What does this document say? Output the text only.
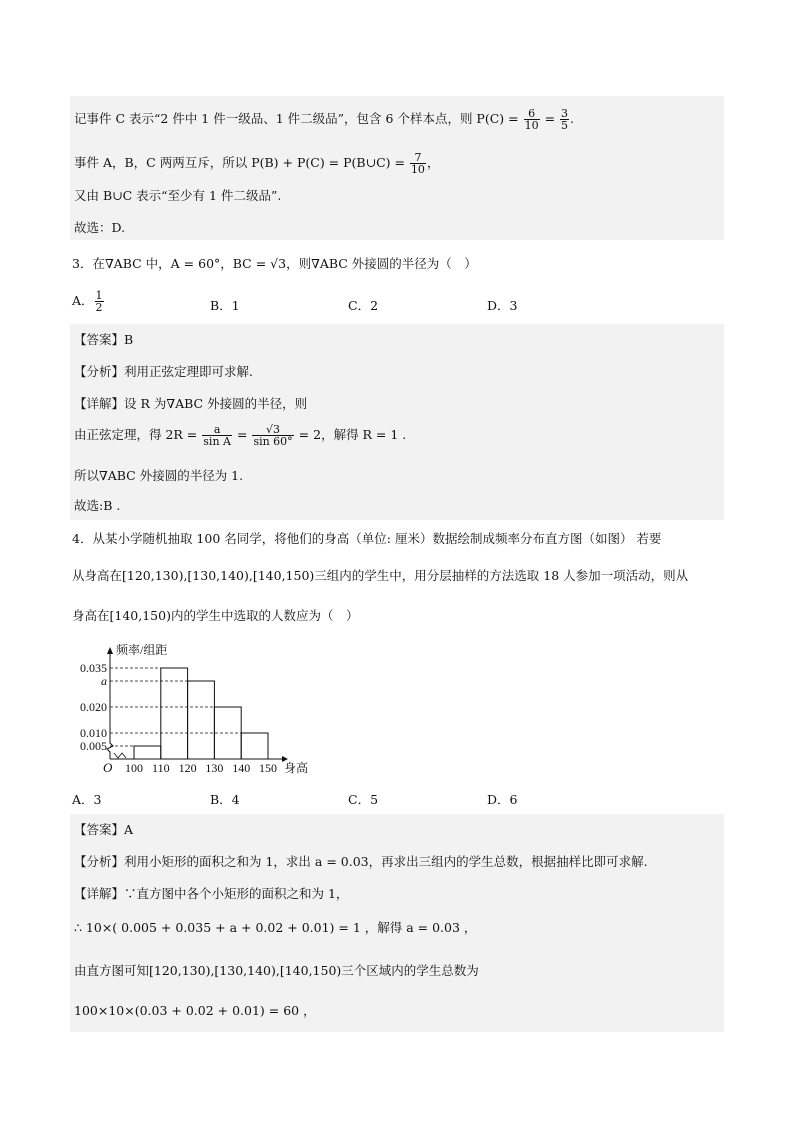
记事件 C 表示“2 件中 1 件一级品、1 件二级品”，包含 6 个样本点，则 $P(C) = \frac{6}{10} = \frac{3}{5}$ .
事件 A，B，C 两两互斥，所以 P(B) + P(C) = P(B∪C) = $\frac{7}{10}$ ，
又由 B∪C 表示“至少有 1 件二级品”.
故选：D.
3．在∇ABC 中，A = 60°，BC = √3，则∇ABC 外接圆的半径为（　）
A． $\frac{1}{2}$	B．1	C．2	D．3
【答案】B
【分析】利用正弦定理即可求解.
【详解】设 R 为∇ABC 外接圆的半径，则
由正弦定理，得 $2R = \frac{a}{\text{sin A}} = \frac{√3}{\sin 60^\circ} = 2$，解得 R = 1 .
所以∇ABC 外接圆的半径为 1.
故选:B .
4．从某小学随机抽取 100 名同学，将他们的身高（单位: 厘米）数据绘制成频率分布直方图（如图） 若要
从身高在[120,130),[130,140),[140,150)三组内的学生中，用分层抽样的方法选取 18 人参加一项活动，则从
身高在[140,150)内的学生中选取的人数应为（　）
频率/组距
身高
O
0.035
a
0.020
0.010
0.005
100 110 120 130 140 150
A．3	B．4	C．5	D．6
【答案】A
【分析】利用小矩形的面积之和为 1，求出 a = 0.03，再求出三组内的学生总数，根据抽样比即可求解.
【详解】∵直方图中各个小矩形的面积之和为 1，
∴ 10×( 0.005 + 0.035 + a + 0.02 + 0.01) = 1 ，解得 a = 0.03 ，
由直方图可知[120,130),[130,140),[140,150)三个区域内的学生总数为
100×10×(0.03 + 0.02 + 0.01) = 60 ，
